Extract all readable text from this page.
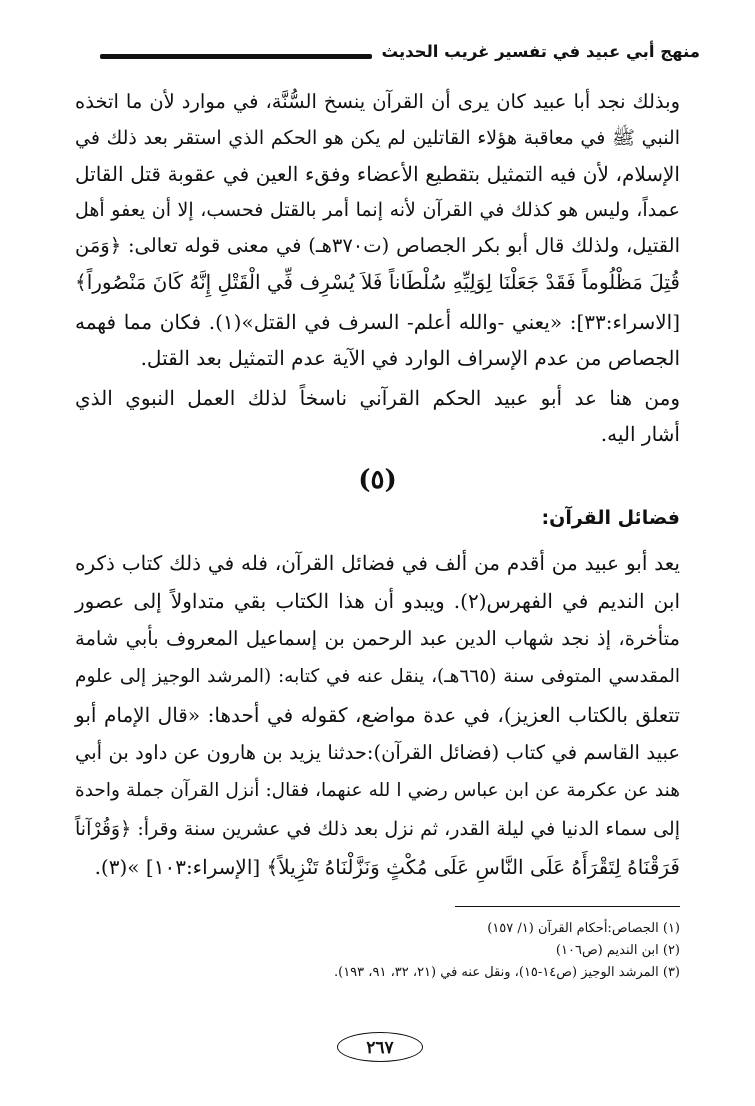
منهج أبي عبيد في تفسير غريب الحديث
وبذلك نجد أبا عبيد كان يرى أن القرآن ينسخ السُّنَّة، في موارد لأن ما اتخذه
النبي ﷺ في معاقبة هؤلاء القاتلين لم يكن هو الحكم الذي استقر بعد ذلك في
الإسلام، لأن فيه التمثيل بتقطيع الأعضاء وفقء العين في عقوبة قتل القاتل
عمداً، وليس هو كذلك في القرآن لأنه إنما أمر بالقتل فحسب، إلا أن يعفو أهل
القتيل، ولذلك قال أبو بكر الجصاص (ت٣٧٠هـ) في معنى قوله تعالى: ﴿وَمَن
قُتِلَ مَظْلُوماً فَقَدْ جَعَلْنَا لِوَلِيِّهِ سُلْطَاناً فَلاَ يُسْرِف فِّي الْقَتْلِ إِنَّهُ كَانَ مَنْصُوراً﴾
[الاسراء:٣٣]: «يعني -والله أعلم- السرف في القتل»(١). فكان مما فهمه
الجصاص من عدم الإسراف الوارد في الآية عدم التمثيل بعد القتل.
ومن هنا عد أبو عبيد الحكم القرآني ناسخاً لذلك العمل النبوي الذي
أشار اليه.
(٥)
فضائل القرآن:
يعد أبو عبيد من أقدم من ألف في فضائل القرآن، فله في ذلك كتاب ذكره
ابن النديم في الفهرس(٢). ويبدو أن هذا الكتاب بقي متداولاً إلى عصور
متأخرة، إذ نجد شهاب الدين عبد الرحمن بن إسماعيل المعروف بأبي شامة
المقدسي المتوفى سنة (٦٦٥هـ)، ينقل عنه في كتابه: (المرشد الوجيز إلى علوم
تتعلق بالكتاب العزيز)، في عدة مواضع، كقوله في أحدها: «قال الإمام أبو
عبيد القاسم في كتاب (فضائل القرآن):حدثنا يزيد بن هارون عن داود بن أبي
هند عن عكرمة عن ابن عباس رضي ا لله عنهما، فقال: أنزل القرآن جملة واحدة
إلى سماء الدنيا في ليلة القدر، ثم نزل بعد ذلك في عشرين سنة وقرأ: ﴿وَقُرْآناً
فَرَقْنَاهُ لِتَقْرَأَهُ عَلَى النَّاسِ عَلَى مُكْثٍ وَنَزَّلْنَاهُ تَنْزِيلاً﴾ [الإسراء:١٠٣] »(٣).
(١) الجصاص:أحكام القرآن (١/ ١٥٧)
(٢) ابن النديم (ص١٠٦)
(٣) المرشد الوجيز (ص١٤-١٥)، ونقل عنه في (٢١، ٣٢، ٩١، ١٩٣).
٢٦٧
